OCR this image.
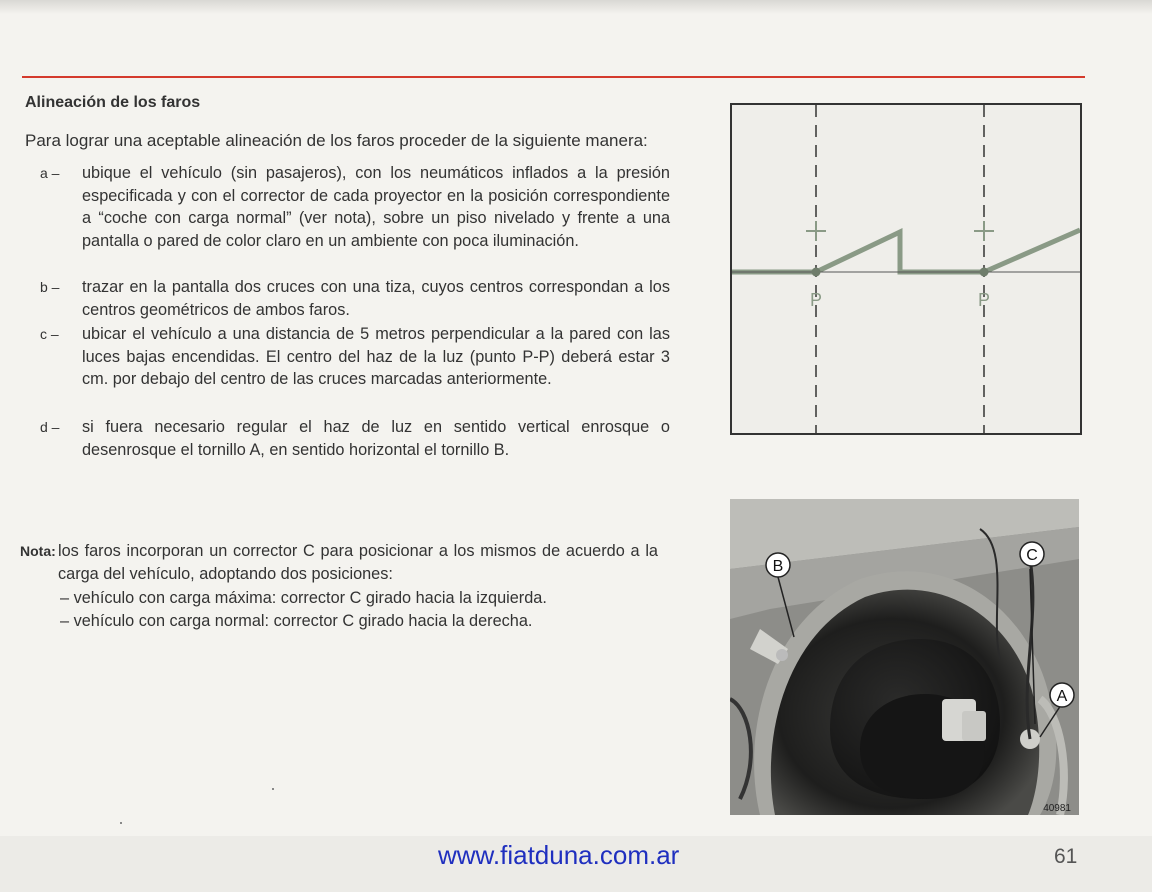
Alineación de los faros
Para lograr una aceptable alineación de los faros proceder de la siguiente manera:
a –	ubique el vehículo (sin pasajeros), con los neumáticos inflados a la presión especificada y con el corrector de cada proyector en la posición correspondiente a “coche con carga normal” (ver nota), sobre un piso nivelado y frente a una pantalla o pared de color claro en un ambiente con poca iluminación.
b –	trazar en la pantalla dos cruces con una tiza, cuyos centros correspondan a los centros geométricos de ambos faros.
c –	ubicar el vehículo a una distancia de 5 metros perpendicular a la pared con las luces bajas encendidas. El centro del haz de la luz (punto P-P) deberá estar 3 cm. por debajo del centro de las cruces marcadas anteriormente.
d –	si fuera necesario regular el haz de luz en sentido vertical enrosque o desenrosque el tornillo A, en sentido horizontal el tornillo B.
Nota: los faros incorporan un corrector C para posicionar a los mismos de acuerdo a la carga del vehículo, adoptando dos posiciones:
– vehículo con carga máxima: corrector C girado hacia la izquierda.
– vehículo con carga normal: corrector C girado hacia la derecha.
P	P
B
C
A
40981
www.fiatduna.com.ar	61
